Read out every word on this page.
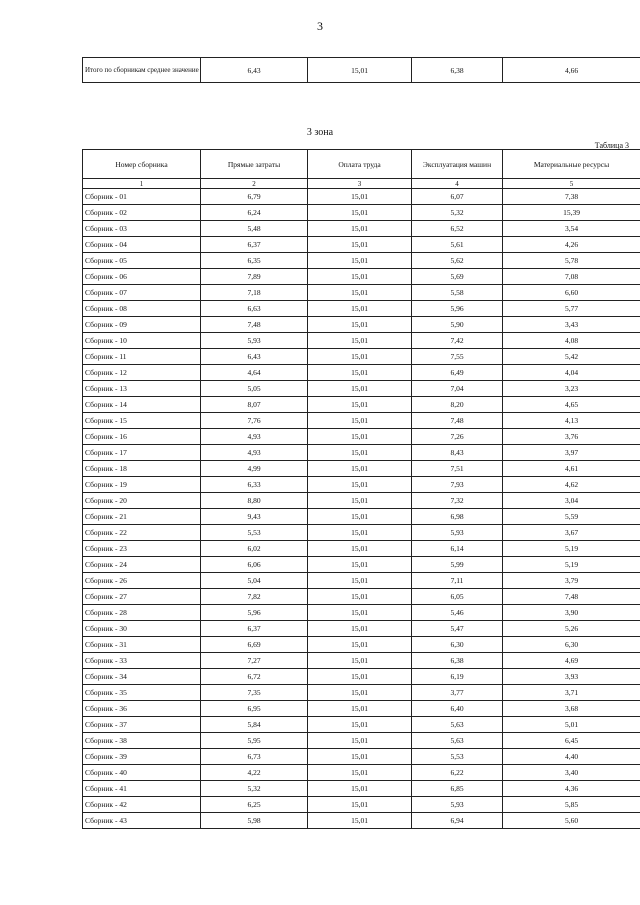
3
Итого по сборникам среднее значение	6,43	15,01	6,38	4,66
3 зона
Таблица 3
Номер сборника	Прямые затраты	Оплата труда	Эксплуатация машин	Материальные ресурсы
1	2	3	4	5
Сборник - 01	6,79	15,01	6,07	7,38
Сборник - 02	6,24	15,01	5,32	15,39
Сборник - 03	5,48	15,01	6,52	3,54
Сборник - 04	6,37	15,01	5,61	4,26
Сборник - 05	6,35	15,01	5,62	5,78
Сборник - 06	7,89	15,01	5,69	7,08
Сборник - 07	7,18	15,01	5,58	6,60
Сборник - 08	6,63	15,01	5,96	5,77
Сборник - 09	7,48	15,01	5,90	3,43
Сборник - 10	5,93	15,01	7,42	4,08
Сборник - 11	6,43	15,01	7,55	5,42
Сборник - 12	4,64	15,01	6,49	4,04
Сборник - 13	5,05	15,01	7,04	3,23
Сборник - 14	8,07	15,01	8,20	4,65
Сборник - 15	7,76	15,01	7,48	4,13
Сборник - 16	4,93	15,01	7,26	3,76
Сборник - 17	4,93	15,01	8,43	3,97
Сборник - 18	4,99	15,01	7,51	4,61
Сборник - 19	6,33	15,01	7,93	4,62
Сборник - 20	8,80	15,01	7,32	3,04
Сборник - 21	9,43	15,01	6,98	5,59
Сборник - 22	5,53	15,01	5,93	3,67
Сборник - 23	6,02	15,01	6,14	5,19
Сборник - 24	6,06	15,01	5,99	5,19
Сборник - 26	5,04	15,01	7,11	3,79
Сборник - 27	7,82	15,01	6,05	7,48
Сборник - 28	5,96	15,01	5,46	3,90
Сборник - 30	6,37	15,01	5,47	5,26
Сборник - 31	6,69	15,01	6,30	6,30
Сборник - 33	7,27	15,01	6,38	4,69
Сборник - 34	6,72	15,01	6,19	3,93
Сборник - 35	7,35	15,01	3,77	3,71
Сборник - 36	6,95	15,01	6,40	3,68
Сборник - 37	5,84	15,01	5,63	5,01
Сборник - 38	5,95	15,01	5,63	6,45
Сборник - 39	6,73	15,01	5,53	4,40
Сборник - 40	4,22	15,01	6,22	3,40
Сборник - 41	5,32	15,01	6,85	4,36
Сборник - 42	6,25	15,01	5,93	5,85
Сборник - 43	5,98	15,01	6,94	5,60
